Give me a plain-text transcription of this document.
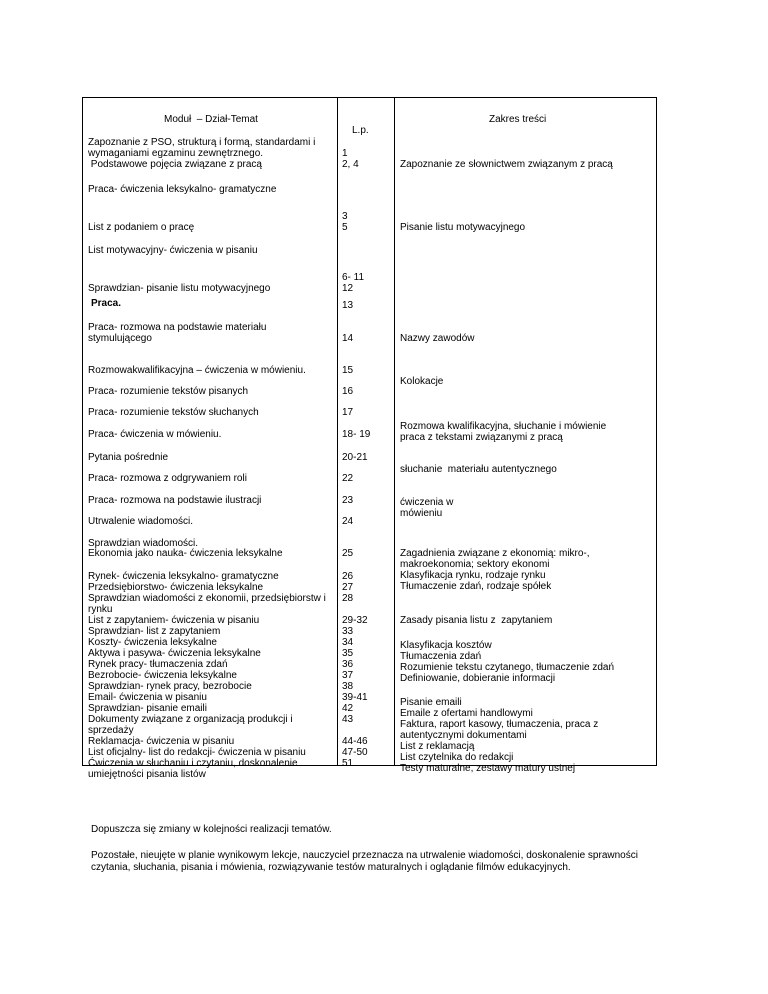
Moduł  – Dział-Temat
L.p.
Zakres treści
Zapoznanie z PSO, strukturą i formą, standardami i
wymaganiami egzaminu zewnętrznego.
Podstawowe pojęcia związane z pracą
Praca- ćwiczenia leksykalno- gramatyczne
List z podaniem o pracę
List motywacyjny- ćwiczenia w pisaniu
Sprawdzian- pisanie listu motywacyjnego
Praca.
Praca- rozmowa na podstawie materiału
stymulującego
Rozmowakwalifikacyjna – ćwiczenia w mówieniu.
Praca- rozumienie tekstów pisanych
Praca- rozumienie tekstów słuchanych
Praca- ćwiczenia w mówieniu.
Pytania pośrednie
Praca- rozmowa z odgrywaniem roli
Praca- rozmowa na podstawie ilustracji
Utrwalenie wiadomości.
Sprawdzian wiadomości.
Ekonomia jako nauka- ćwiczenia leksykalne
Rynek- ćwiczenia leksykalno- gramatyczne
Przedsiębiorstwo- ćwiczenia leksykalne
Sprawdzian wiadomości z ekonomii, przedsiębiorstw i
rynku
List z zapytaniem- ćwiczenia w pisaniu
Sprawdzian- list z zapytaniem
Koszty- ćwiczenia leksykalne
Aktywa i pasywa- ćwiczenia leksykalne
Rynek pracy- tłumaczenia zdań
Bezrobocie- ćwiczenia leksykalne
Sprawdzian- rynek pracy, bezrobocie
Email- ćwiczenia w pisaniu
Sprawdzian- pisanie emaili
Dokumenty związane z organizacją produkcji i
sprzedaży
Reklamacja- ćwiczenia w pisaniu
List oficjalny- list do redakcji- ćwiczenia w pisaniu
Ćwiczenia w słuchaniu i czytaniu, doskonalenie
umiejętności pisania listów
1
2, 4
3
5
6- 11
12
13
14
15
16
17
18- 19
20-21
22
23
24
25
26
27
28
29-32
33
34
35
36
37
38
39-41
42
43
44-46
47-50
51
Zapoznanie ze słownictwem związanym z pracą
Pisanie listu motywacyjnego
Nazwy zawodów
Kolokacje
Rozmowa kwalifikacyjna, słuchanie i mówienie
praca z tekstami związanymi z pracą
słuchanie  materiału autentycznego
ćwiczenia w
mówieniu
Zagadnienia związane z ekonomią: mikro-,
makroekonomia; sektory ekonomi
Klasyfikacja rynku, rodzaje rynku
Tłumaczenie zdań, rodzaje spółek
Zasady pisania listu z  zapytaniem
Klasyfikacja kosztów
Tłumaczenia zdań
Rozumienie tekstu czytanego, tłumaczenie zdań
Definiowanie, dobieranie informacji
Pisanie emaili
Emaile z ofertami handlowymi
Faktura, raport kasowy, tłumaczenia, praca z
autentycznymi dokumentami
List z reklamacją
List czytelnika do redakcji
Testy maturalne, zestawy matury ustnej
Dopuszcza się zmiany w kolejności realizacji tematów.
Pozostałe, nieujęte w planie wynikowym lekcje, nauczyciel przeznacza na utrwalenie wiadomości, doskonalenie sprawności
czytania, słuchania, pisania i mówienia, rozwiązywanie testów maturalnych i oglądanie filmów edukacyjnych.
